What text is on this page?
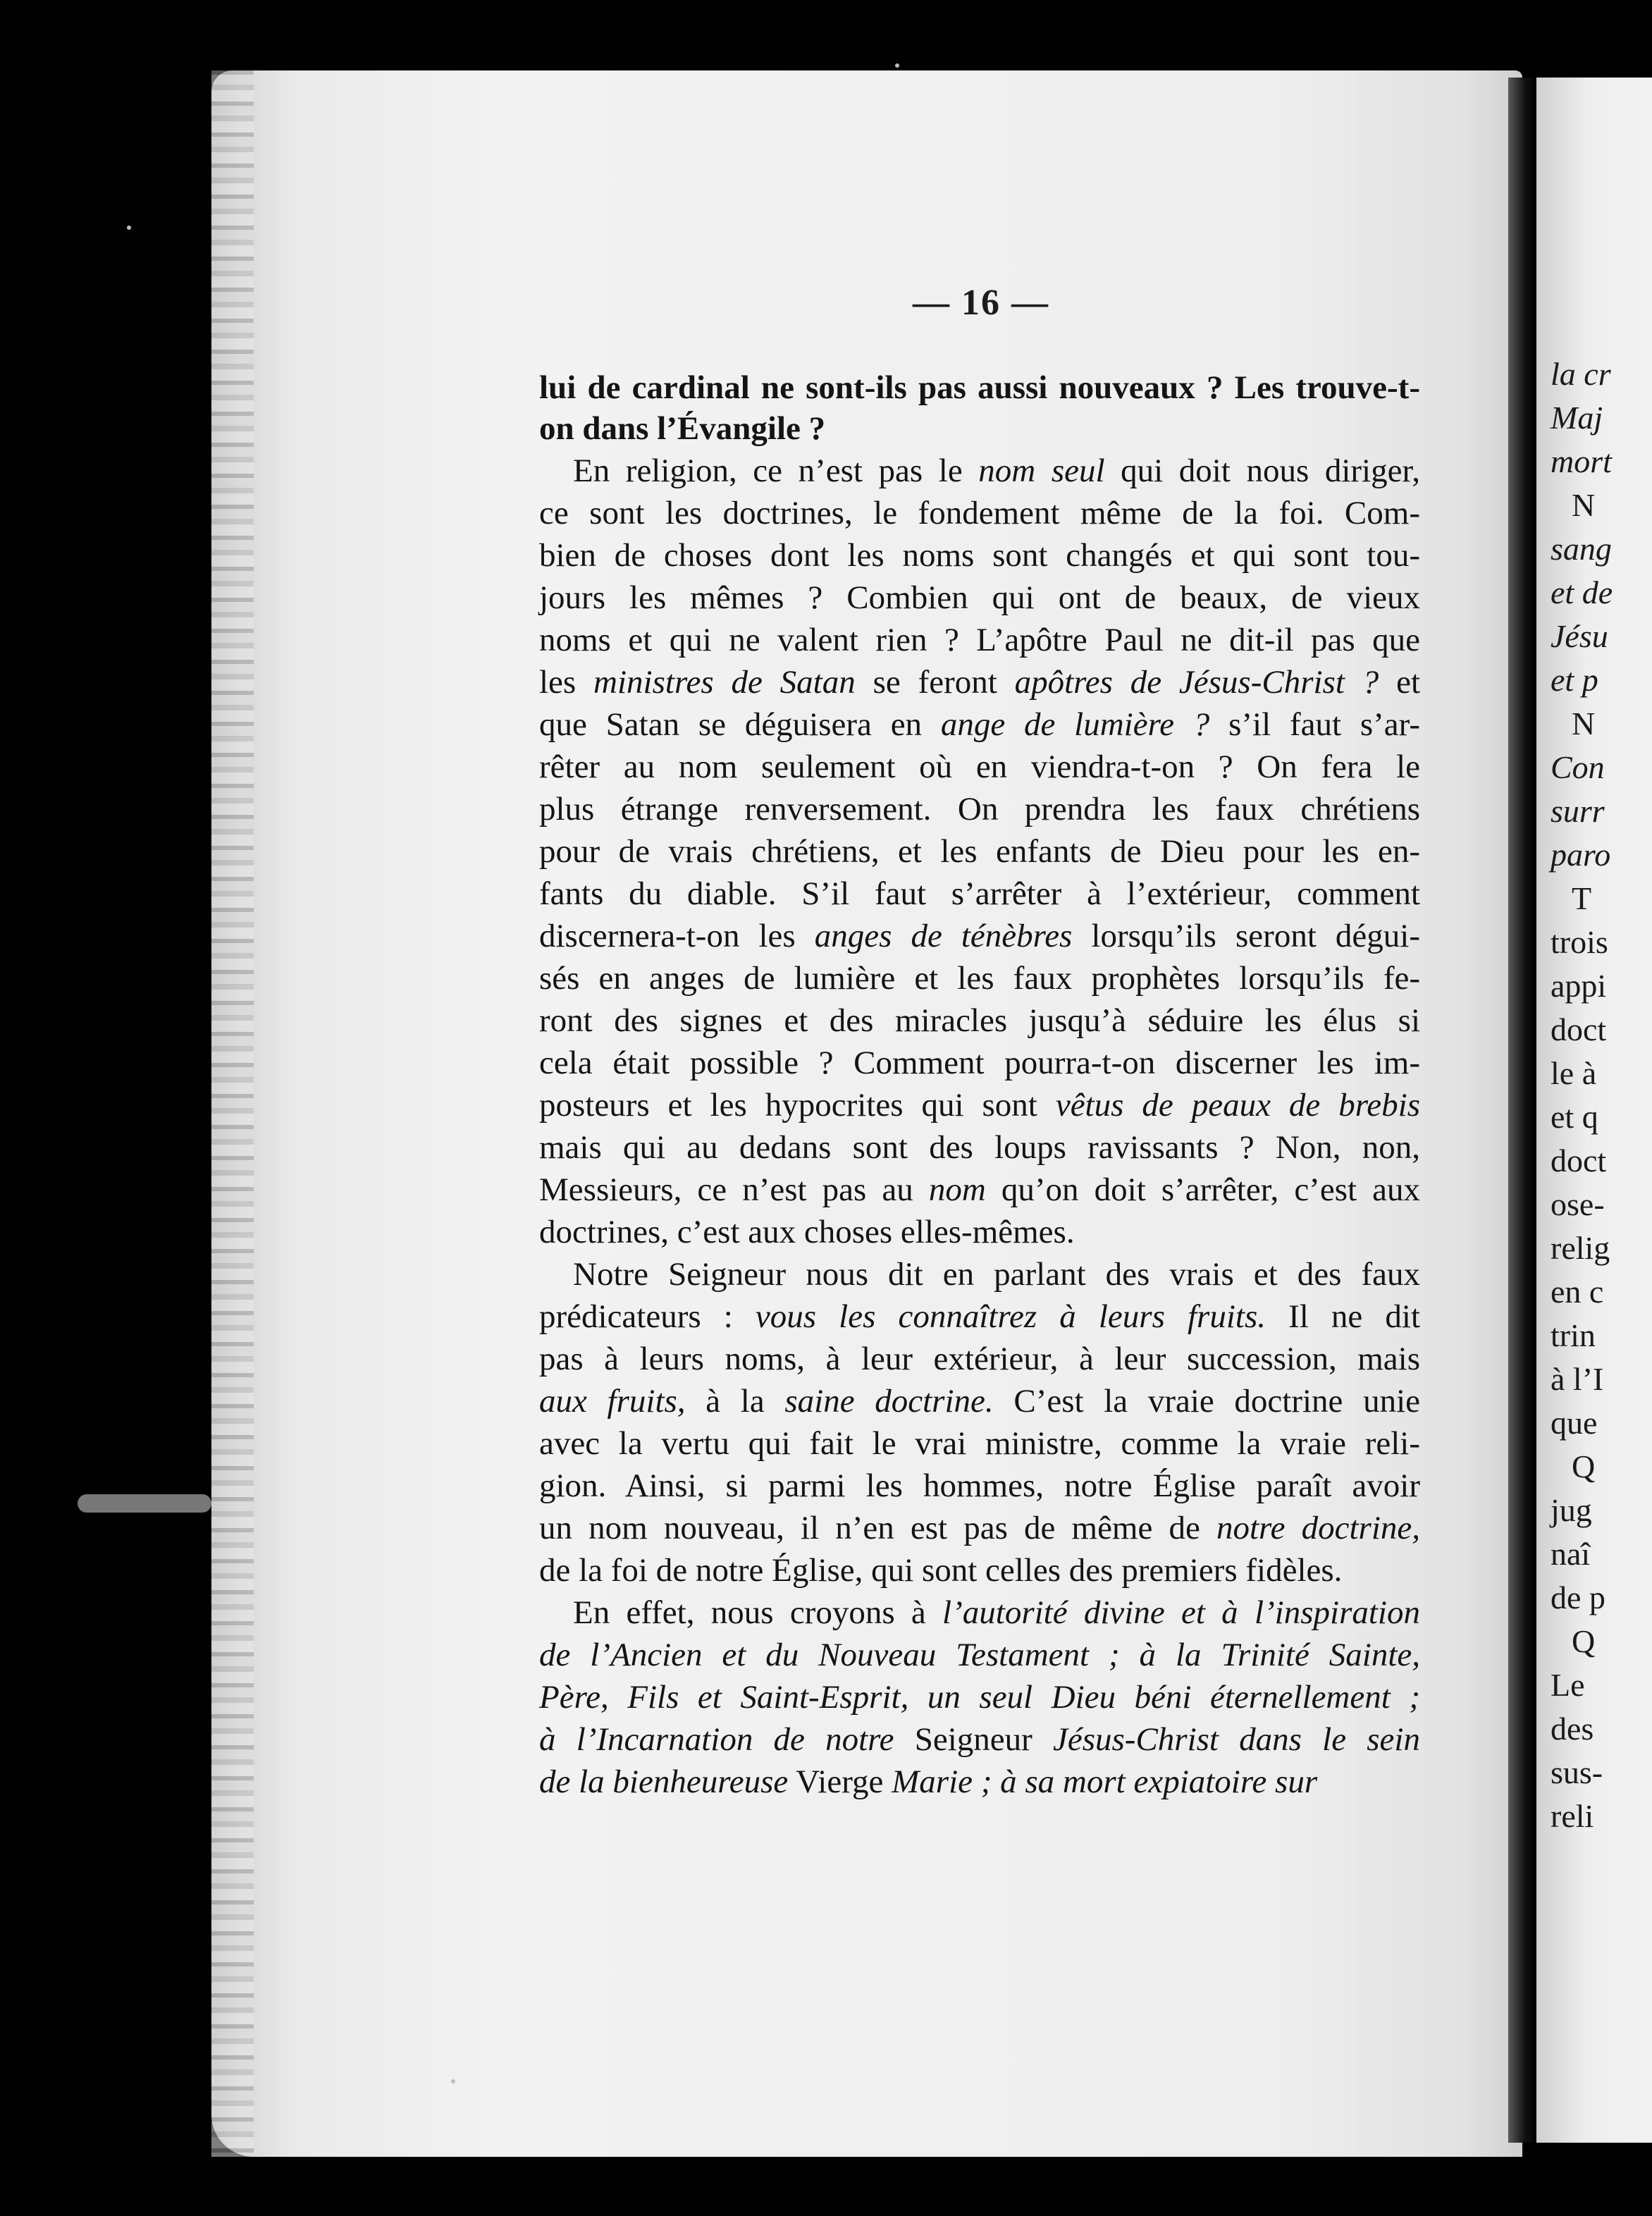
la cr
Maj
mort
N
sang
et de
Jésu
et p
N
Con
surr
paro
T
trois
appi
doct
le à
et q
doct
ose-
relig
en c
trin
à l’I
que
Q
jug
naî
de p
Q
Le
des
sus-
reli
— 16 —
lui de cardinal ne sont-ils pas aussi nouveaux ? Les trouve-t-
on dans l’Évangile ?
En religion, ce n’est pas le nom seul qui doit nous diriger,
ce sont les doctrines, le fondement même de la foi. Com-
bien de choses dont les noms sont changés et qui sont tou-
jours les mêmes ? Combien qui ont de beaux, de vieux
noms et qui ne valent rien ? L’apôtre Paul ne dit-il pas que
les ministres de Satan se feront apôtres de Jésus-Christ ? et
que Satan se déguisera en ange de lumière ? s’il faut s’ar-
rêter au nom seulement où en viendra-t-on ? On fera le
plus étrange renversement. On prendra les faux chrétiens
pour de vrais chrétiens, et les enfants de Dieu pour les en-
fants du diable. S’il faut s’arrêter à l’extérieur, comment
discernera-t-on les anges de ténèbres lorsqu’ils seront dégui-
sés en anges de lumière et les faux prophètes lorsqu’ils fe-
ront des signes et des miracles jusqu’à séduire les élus si
cela était possible ? Comment pourra-t-on discerner les im-
posteurs et les hypocrites qui sont vêtus de peaux de brebis
mais qui au dedans sont des loups ravissants ? Non, non,
Messieurs, ce n’est pas au nom qu’on doit s’arrêter, c’est aux
doctrines, c’est aux choses elles-mêmes.
Notre Seigneur nous dit en parlant des vrais et des faux
prédicateurs : vous les connaîtrez à leurs fruits. Il ne dit
pas à leurs noms, à leur extérieur, à leur succession, mais
aux fruits, à la saine doctrine. C’est la vraie doctrine unie
avec la vertu qui fait le vrai ministre, comme la vraie reli-
gion. Ainsi, si parmi les hommes, notre Église paraît avoir
un nom nouveau, il n’en est pas de même de notre doctrine,
de la foi de notre Église, qui sont celles des premiers fidèles.
En effet, nous croyons à l’autorité divine et à l’inspiration
de l’Ancien et du Nouveau Testament ; à la Trinité Sainte,
Père, Fils et Saint-Esprit, un seul Dieu béni éternellement ;
à l’Incarnation de notre Seigneur Jésus-Christ dans le sein
de la bienheureuse Vierge Marie ; à sa mort expiatoire sur
